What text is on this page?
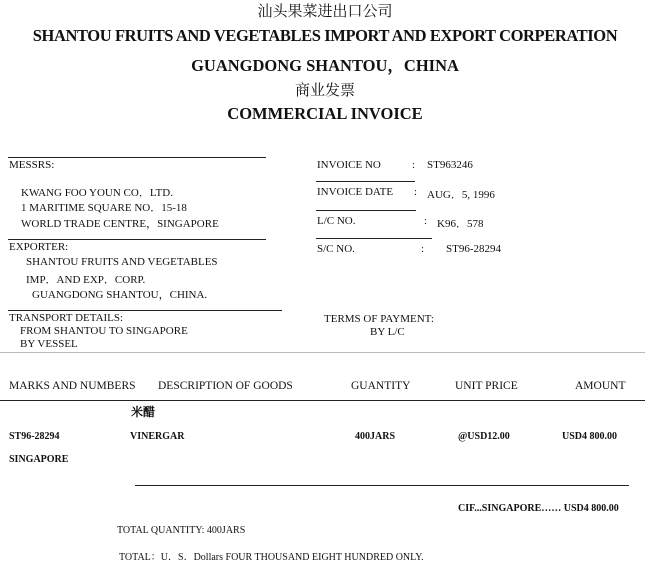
汕头果菜进出口公司
SHANTOU FRUITS AND VEGETABLES IMPORT AND EXPORT CORPERATION
GUANGDONG SHANTOU，CHINA
商业发票
COMMERCIAL INVOICE
MESSRS:
KWANG FOO YOUN CO．LTD.
1 MARITIME SQUARE NO．15-18
WORLD TRADE CENTRE，SINGAPORE
INVOICE NO	: ST963246
INVOICE DATE : AUG．5, 1996
L/C NO.	: K96．578
S/C NO.	: ST96-28294
EXPORTER:
SHANTOU FRUITS AND VEGETABLES
IMP．AND EXP．CORP.
GUANGDONG SHANTOU，CHINA.
TRANSPORT DETAILS:
FROM SHANTOU TO SINGAPORE
BY VESSEL
TERMS OF PAYMENT:
BY L/C
MARKS AND NUMBERS DESCRIPTION OF GOODS	GUANTITY	UNIT PRICE	AMOUNT
米醋
ST96-28294	VINERGAR	400JARS	@USD12.00	USD4 800.00
SINGAPORE
CIF...SINGAPORE…… USD4 800.00
TOTAL QUANTITY: 400JARS
TOTAL：U．S．Dollars FOUR THOUSAND EIGHT HUNDRED ONLY.
